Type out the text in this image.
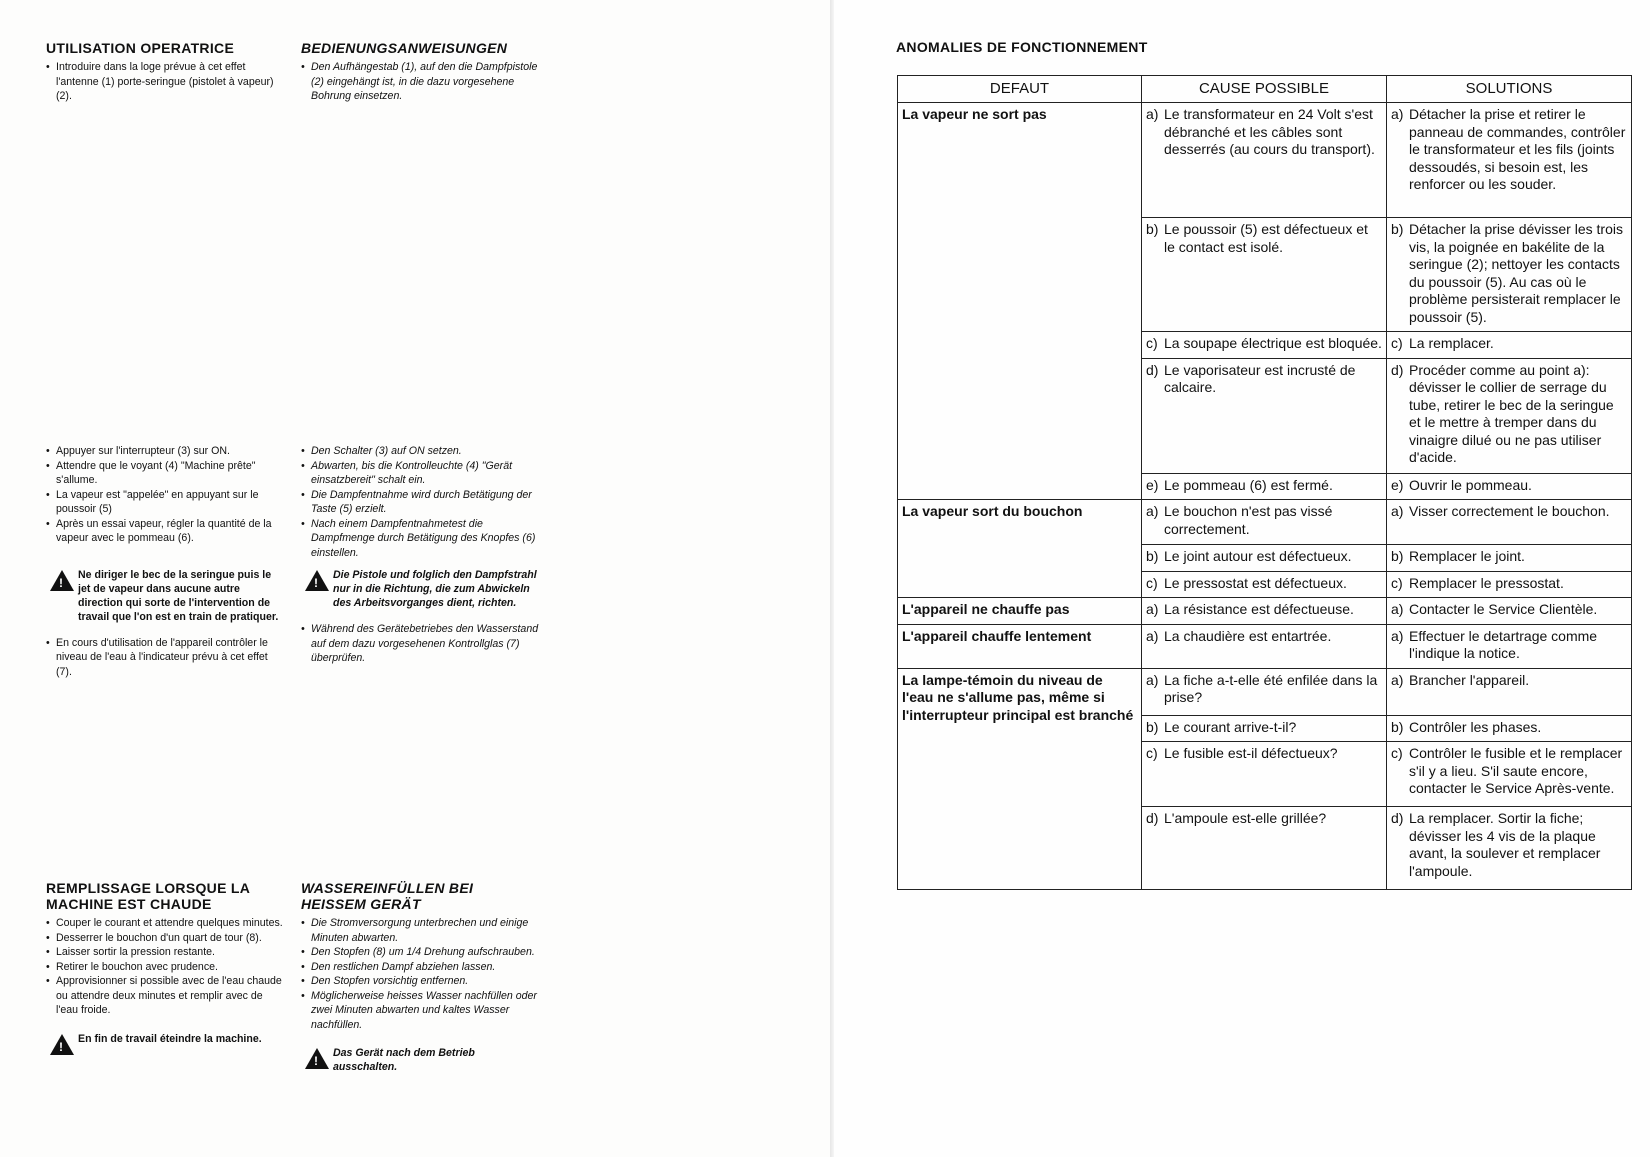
UTILISATION OPERATRICE
• Introduire dans la loge prévue à cet effet l'antenne (1) porte-seringue (pistolet à vapeur) (2).
BEDIENUNGSANWEISUNGEN
• Den Aufhängestab (1), auf den die Dampfpistole (2) eingehängt ist, in die dazu vorgesehene Bohrung einsetzen.
• Appuyer sur l'interrupteur (3) sur ON.
• Attendre que le voyant (4) "Machine prête" s'allume.
• La vapeur est "appelée" en appuyant sur le poussoir (5)
• Après un essai vapeur, régler la quantité de la vapeur avec le pommeau (6).
!
Ne diriger le bec de la seringue puis le jet de vapeur dans aucune autre direction qui sorte de l'intervention de travail que l'on est en train de pratiquer.
• En cours d'utilisation de l'appareil contrôler le niveau de l'eau à l'indicateur prévu à cet effet (7).
• Den Schalter (3) auf ON setzen.
• Abwarten, bis die Kontrolleuchte (4) "Gerät einsatzbereit" schalt ein.
• Die Dampfentnahme wird durch Betätigung der Taste (5) erzielt.
• Nach einem Dampfentnahmetest die Dampfmenge durch Betätigung des Knopfes (6) einstellen.
!
Die Pistole und folglich den Dampfstrahl nur in die Richtung, die zum Abwickeln des Arbeitsvorganges dient, richten.
• Während des Gerätebetriebes den Wasserstand auf dem dazu vorgesehenen Kontrollglas (7) überprüfen.
REMPLISSAGE LORSQUE LA MACHINE EST CHAUDE
• Couper le courant et attendre quelques minutes.
• Desserrer le bouchon d'un quart de tour (8).
• Laisser sortir la pression restante.
• Retirer le bouchon avec prudence.
• Approvisionner si possible avec de l'eau chaude ou attendre deux minutes et remplir avec de l'eau froide.
!
En fin de travail éteindre la machine.
WASSEREINFÜLLEN BEI HEISSEM GERÄT
• Die Stromversorgung unterbrechen und einige Minuten abwarten.
• Den Stopfen (8) um 1/4 Drehung aufschrauben.
• Den restlichen Dampf abziehen lassen.
• Den Stopfen vorsichtig entfernen.
• Möglicherweise heisses Wasser nachfüllen oder zwei Minuten abwarten und kaltes Wasser nachfüllen.
!
Das Gerät nach dem Betrieb ausschalten.
ANOMALIES DE FONCTIONNEMENT
DEFAUT	CAUSE POSSIBLE	SOLUTIONS
La vapeur ne sort pas	a) Le transformateur en 24 Volt s'est débranché et les câbles sont desserrés (au cours du transport).	a) Détacher la prise et retirer le panneau de commandes, contrôler le transformateur et les fils (joints dessoudés, si besoin est, les renforcer ou les souder.

	b) Le poussoir (5) est défectueux et le contact est isolé.	b) Détacher la prise dévisser les trois vis, la poignée en bakélite de la seringue (2); nettoyer les contacts du poussoir (5). Au cas où le problème persisterait remplacer le poussoir (5).

	c) La soupape électrique est bloquée.	c) La remplacer.

	d) Le vaporisateur est incrusté de calcaire.	d) Procéder comme au point a): dévisser le collier de serrage du tube, retirer le bec de la seringue et le mettre à tremper dans du vinaigre dilué ou ne pas utiliser d'acide.

	e) Le pommeau (6) est fermé.	e) Ouvrir le pommeau.

La vapeur sort du bouchon	a) Le bouchon n'est pas vissé correctement.	a) Visser correctement le bouchon.

	b) Le joint autour est défectueux.	b) Remplacer le joint.

	c) Le pressostat est défectueux.	c) Remplacer le pressostat.

L'appareil ne chauffe pas	a) La résistance est défectueuse.	a) Contacter le Service Clientèle.

L'appareil chauffe lentement	a) La chaudière est entartrée.	a) Effectuer le detartrage comme l'indique la notice.

La lampe-témoin du niveau de l'eau ne s'allume pas, même si l'interrupteur principal est branché	a) La fiche a-t-elle été enfilée dans la prise?	a) Brancher l'appareil.

	b) Le courant arrive-t-il?	b) Contrôler les phases.

	c) Le fusible est-il défectueux?	c) Contrôler le fusible et le remplacer s'il y a lieu. S'il saute encore, contacter le Service Après-vente.

	d) L'ampoule est-elle grillée?	d) La remplacer. Sortir la fiche; dévisser les 4 vis de la plaque avant, la soulever et remplacer l'ampoule.
